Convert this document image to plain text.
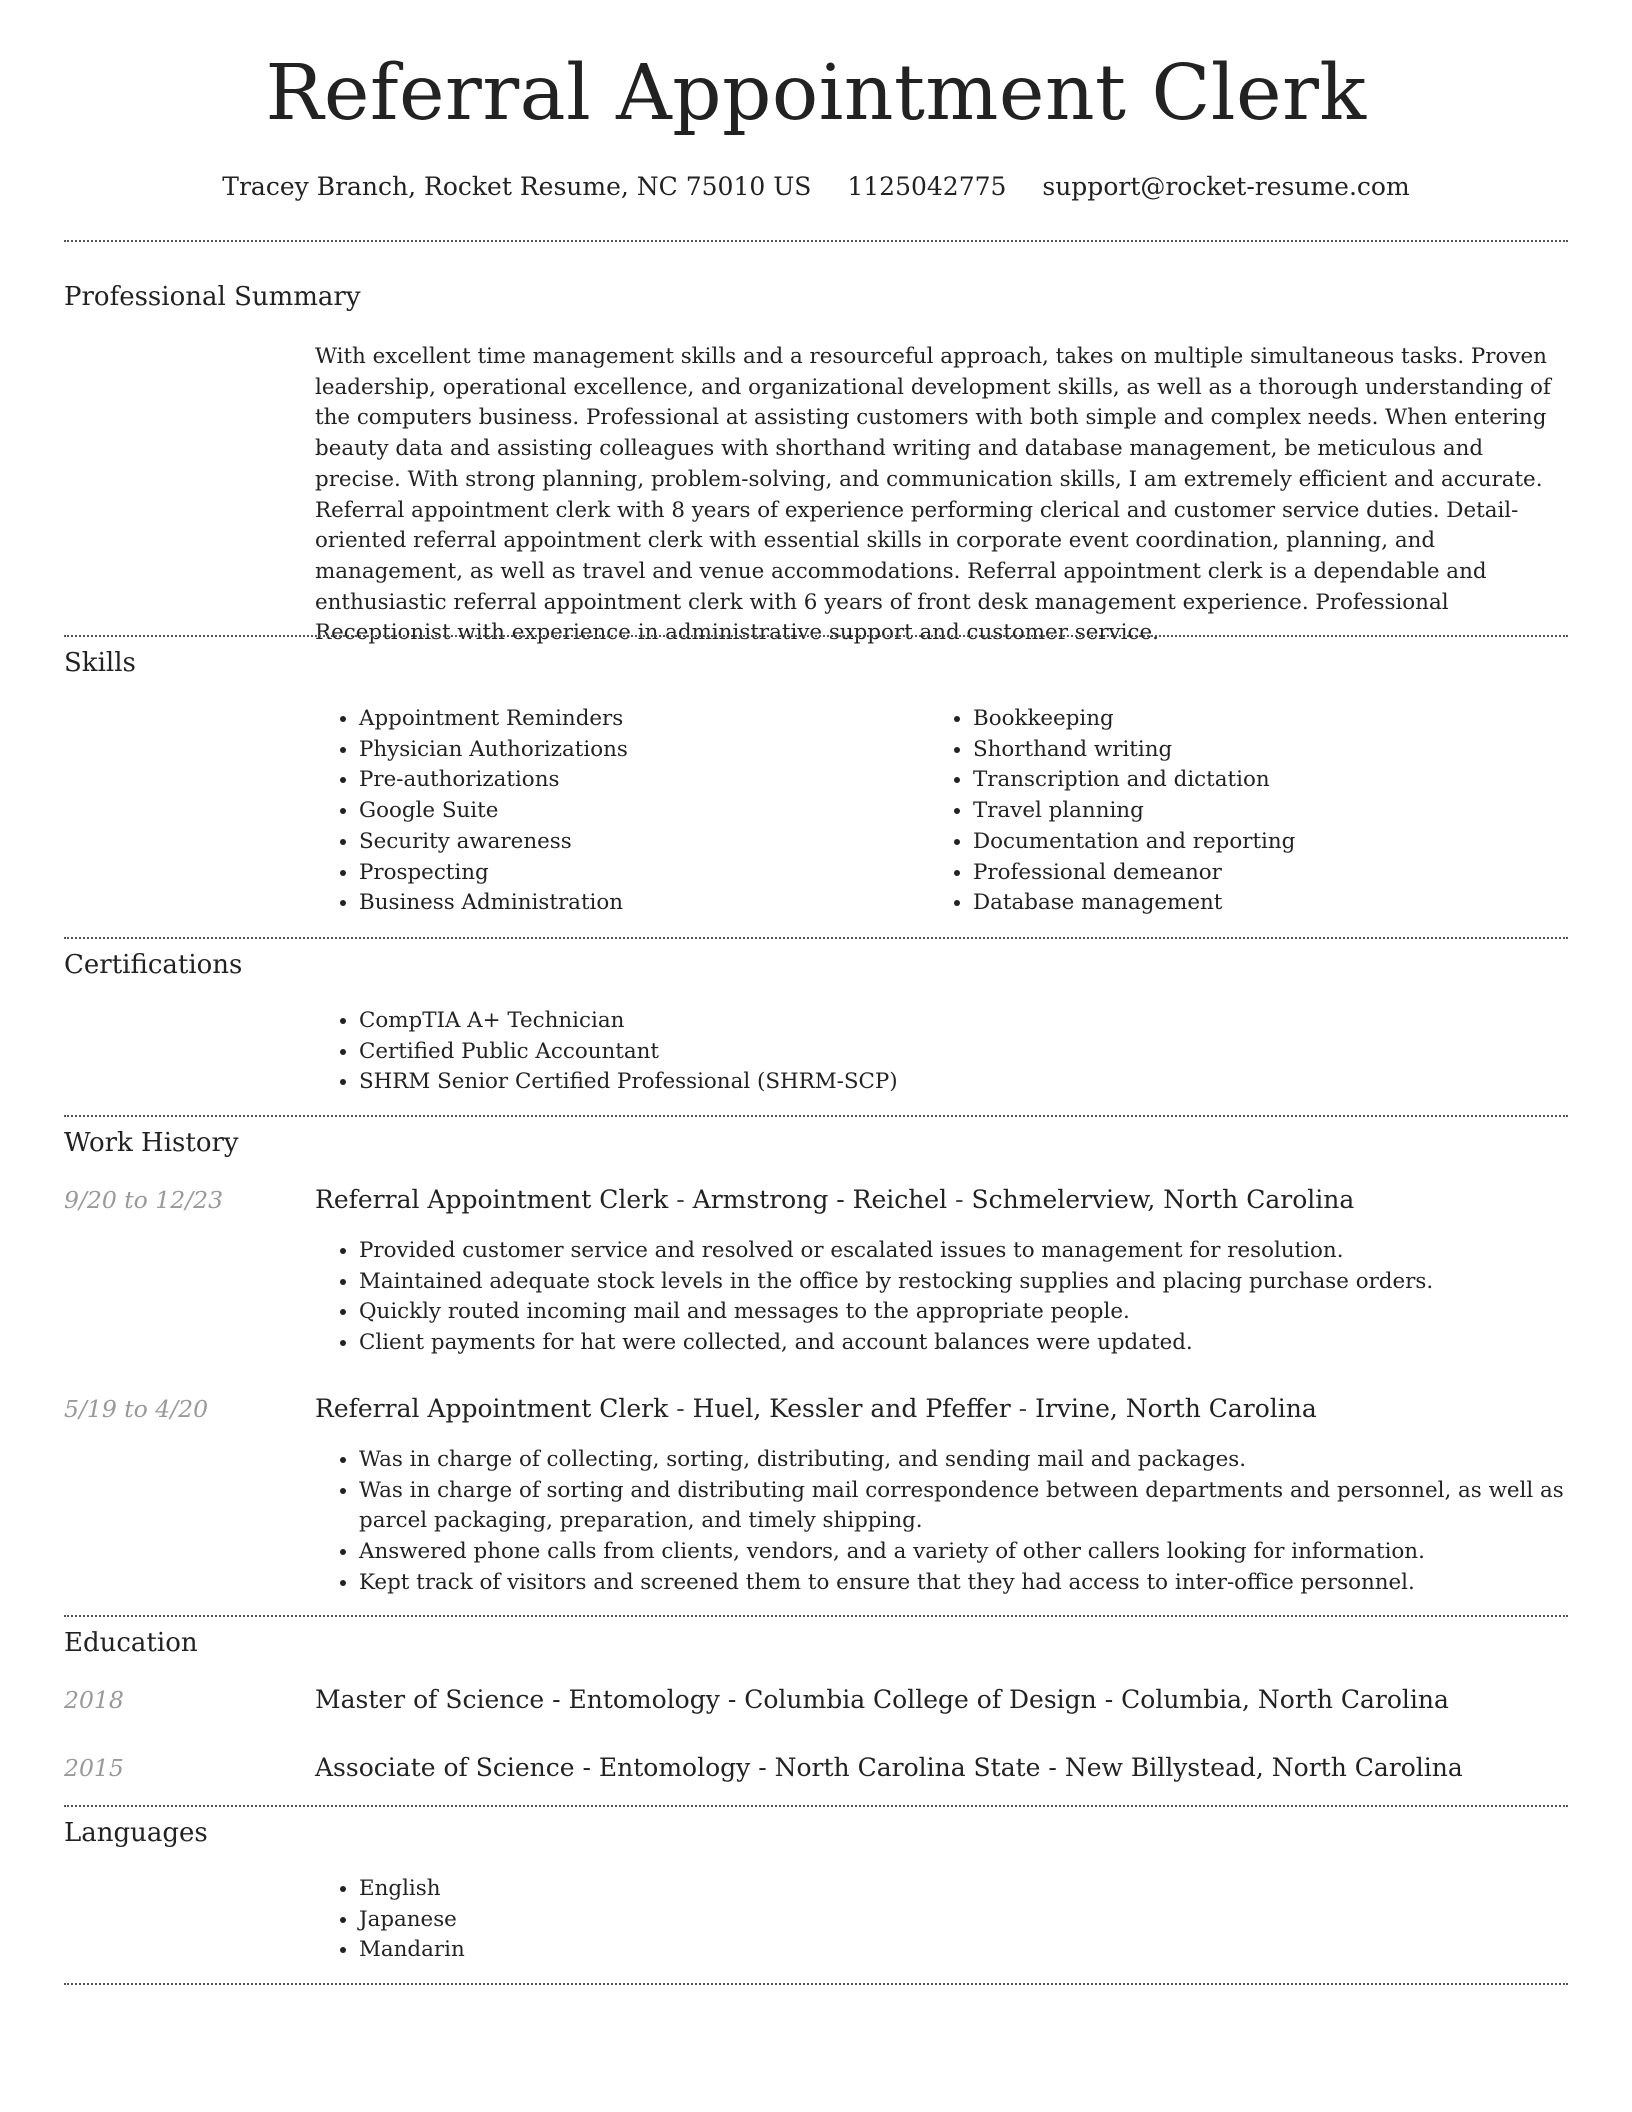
Referral Appointment Clerk
Tracey Branch, Rocket Resume, NC 75010 US 1125042775 support@rocket-resume.com
Professional Summary

With excellent time management skills and a resourceful approach, takes on multiple simultaneous tasks. Proven leadership, operational excellence, and organizational development skills, as well as a thorough understanding of the computers business. Professional at assisting customers with both simple and complex needs. When entering beauty data and assisting colleagues with shorthand writing and database management, be meticulous and precise. With strong planning, problem-solving, and communication skills, I am extremely efficient and accurate. Referral appointment clerk with 8 years of experience performing clerical and customer service duties. Detail-oriented referral appointment clerk with essential skills in corporate event coordination, planning, and management, as well as travel and venue accommodations. Referral appointment clerk is a dependable and enthusiastic referral appointment clerk with 6 years of front desk management experience. Professional Receptionist with experience in administrative support and customer service.

Skills
• Appointment Reminders
• Physician Authorizations
• Pre-authorizations
• Google Suite
• Security awareness
• Prospecting
• Business Administration
• Bookkeeping
• Shorthand writing
• Transcription and dictation
• Travel planning
• Documentation and reporting
• Professional demeanor
• Database management
Certifications
• CompTIA A+ Technician
• Certified Public Accountant
• SHRM Senior Certified Professional (SHRM-SCP)
Work History
9/20 to 12/23	Referral Appointment Clerk - Armstrong - Reichel - Schmelerview, North Carolina
• Provided customer service and resolved or escalated issues to management for resolution.
• Maintained adequate stock levels in the office by restocking supplies and placing purchase orders.
• Quickly routed incoming mail and messages to the appropriate people.
• Client payments for hat were collected, and account balances were updated.
5/19 to 4/20	Referral Appointment Clerk - Huel, Kessler and Pfeffer - Irvine, North Carolina
• Was in charge of collecting, sorting, distributing, and sending mail and packages.
• Was in charge of sorting and distributing mail correspondence between departments and personnel, as well as parcel packaging, preparation, and timely shipping.
• Answered phone calls from clients, vendors, and a variety of other callers looking for information.
• Kept track of visitors and screened them to ensure that they had access to inter-office personnel.
Education
2018	Master of Science - Entomology - Columbia College of Design - Columbia, North Carolina
2015	Associate of Science - Entomology - North Carolina State - New Billystead, North Carolina
Languages
• English
• Japanese
• Mandarin
